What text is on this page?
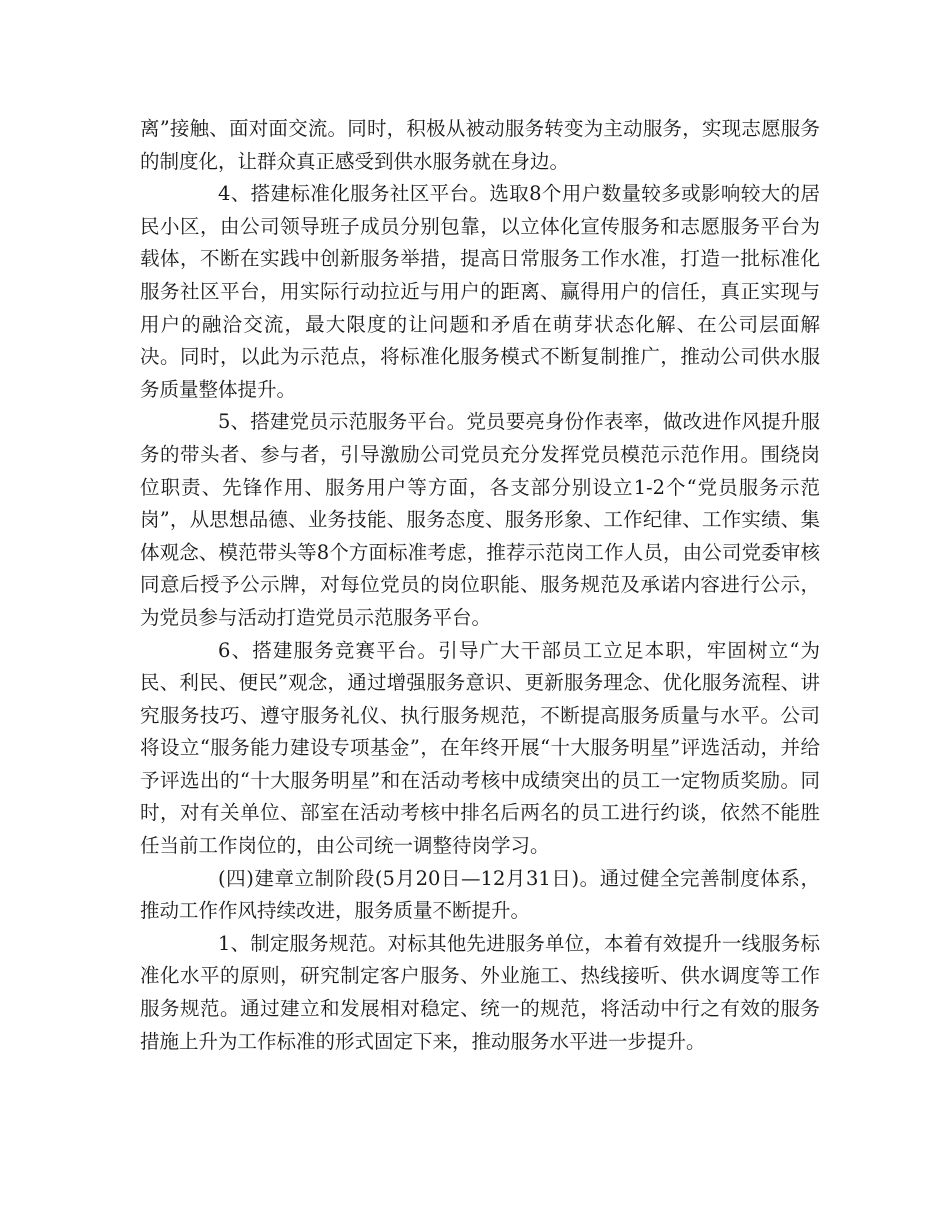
离”接触、面对面交流。同时，积极从被动服务转变为主动服务，实现志愿服务的制度化，让群众真正感受到供水服务就在身边。

4、搭建标准化服务社区平台。选取8个用户数量较多或影响较大的居民小区，由公司领导班子成员分别包靠，以立体化宣传服务和志愿服务平台为载体，不断在实践中创新服务举措，提高日常服务工作水准，打造一批标准化服务社区平台，用实际行动拉近与用户的距离、赢得用户的信任，真正实现与用户的融洽交流，最大限度的让问题和矛盾在萌芽状态化解、在公司层面解决。同时，以此为示范点，将标准化服务模式不断复制推广，推动公司供水服务质量整体提升。

5、搭建党员示范服务平台。党员要亮身份作表率，做改进作风提升服务的带头者、参与者，引导激励公司党员充分发挥党员模范示范作用。围绕岗位职责、先锋作用、服务用户等方面，各支部分别设立1-2个“党员服务示范岗”，从思想品德、业务技能、服务态度、服务形象、工作纪律、工作实绩、集体观念、模范带头等8个方面标准考虑，推荐示范岗工作人员，由公司党委审核同意后授予公示牌，对每位党员的岗位职能、服务规范及承诺内容进行公示，为党员参与活动打造党员示范服务平台。

6、搭建服务竞赛平台。引导广大干部员工立足本职，牢固树立“为民、利民、便民”观念，通过增强服务意识、更新服务理念、优化服务流程、讲究服务技巧、遵守服务礼仪、执行服务规范，不断提高服务质量与水平。公司将设立“服务能力建设专项基金”，在年终开展“十大服务明星”评选活动，并给予评选出的“十大服务明星”和在活动考核中成绩突出的员工一定物质奖励。同时，对有关单位、部室在活动考核中排名后两名的员工进行约谈，依然不能胜任当前工作岗位的，由公司统一调整待岗学习。

(四)建章立制阶段(5月20日—12月31日)。通过健全完善制度体系，推动工作作风持续改进，服务质量不断提升。

1、制定服务规范。对标其他先进服务单位，本着有效提升一线服务标准化水平的原则，研究制定客户服务、外业施工、热线接听、供水调度等工作服务规范。通过建立和发展相对稳定、统一的规范，将活动中行之有效的服务措施上升为工作标准的形式固定下来，推动服务水平进一步提升。
